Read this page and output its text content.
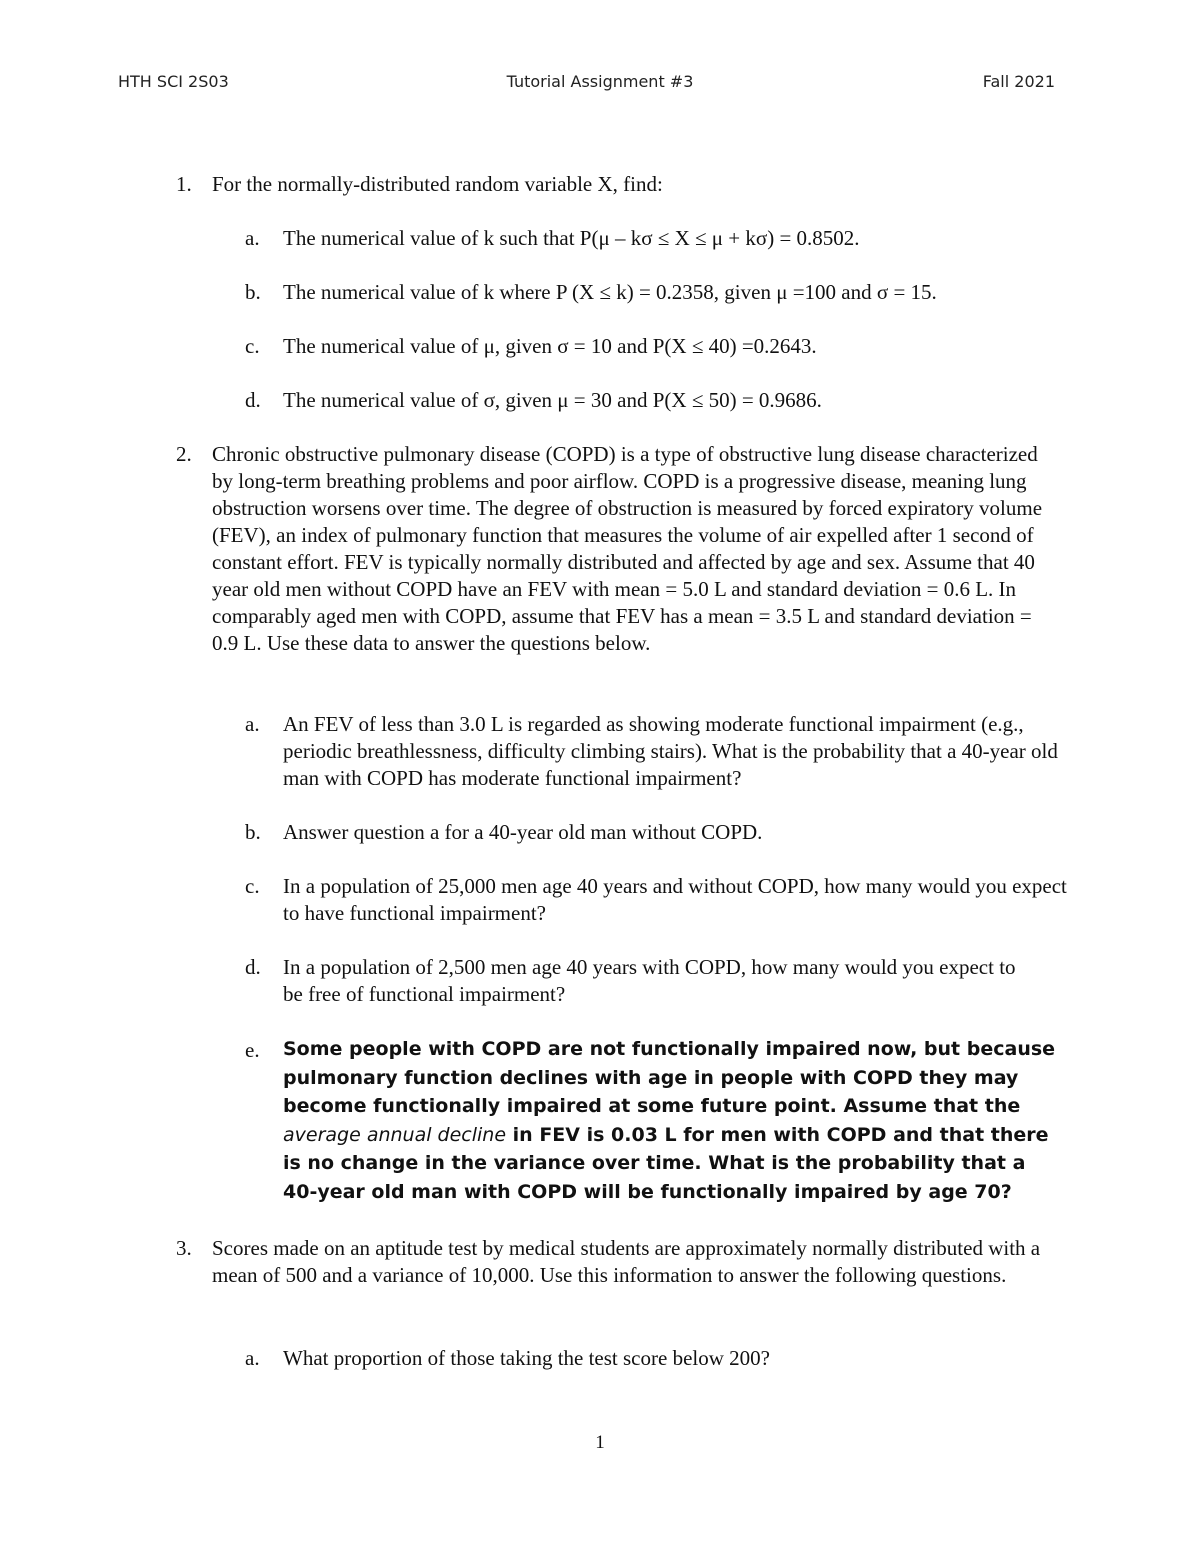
HTH SCI 2S03	Tutorial Assignment #3	Fall 2021
1. For the normally-distributed random variable X, find:
a. The numerical value of k such that P(μ – kσ ≤ X ≤ μ + kσ) = 0.8502.
b. The numerical value of k where P (X ≤ k) = 0.2358, given μ =100 and σ = 15.
c. The numerical value of μ, given σ = 10 and P(X ≤ 40) =0.2643.
d. The numerical value of σ, given μ = 30 and P(X ≤ 50) = 0.9686.
2. Chronic obstructive pulmonary disease (COPD) is a type of obstructive lung disease characterized by long-term breathing problems and poor airflow. COPD is a progressive disease, meaning lung obstruction worsens over time. The degree of obstruction is measured by forced expiratory volume (FEV), an index of pulmonary function that measures the volume of air expelled after 1 second of constant effort. FEV is typically normally distributed and affected by age and sex. Assume that 40 year old men without COPD have an FEV with mean = 5.0 L and standard deviation = 0.6 L. In comparably aged men with COPD, assume that FEV has a mean = 3.5 L and standard deviation = 0.9 L. Use these data to answer the questions below.
a. An FEV of less than 3.0 L is regarded as showing moderate functional impairment (e.g., periodic breathlessness, difficulty climbing stairs). What is the probability that a 40-year old man with COPD has moderate functional impairment?
b. Answer question a for a 40-year old man without COPD.
c. In a population of 25,000 men age 40 years and without COPD, how many would you expect to have functional impairment?
d. In a population of 2,500 men age 40 years with COPD, how many would you expect to be free of functional impairment?
e. Some people with COPD are not functionally impaired now, but because pulmonary function declines with age in people with COPD they may become functionally impaired at some future point. Assume that the average annual decline in FEV is 0.03 L for men with COPD and that there is no change in the variance over time. What is the probability that a 40-year old man with COPD will be functionally impaired by age 70?
3. Scores made on an aptitude test by medical students are approximately normally distributed with a mean of 500 and a variance of 10,000. Use this information to answer the following questions.
a. What proportion of those taking the test score below 200?
1
